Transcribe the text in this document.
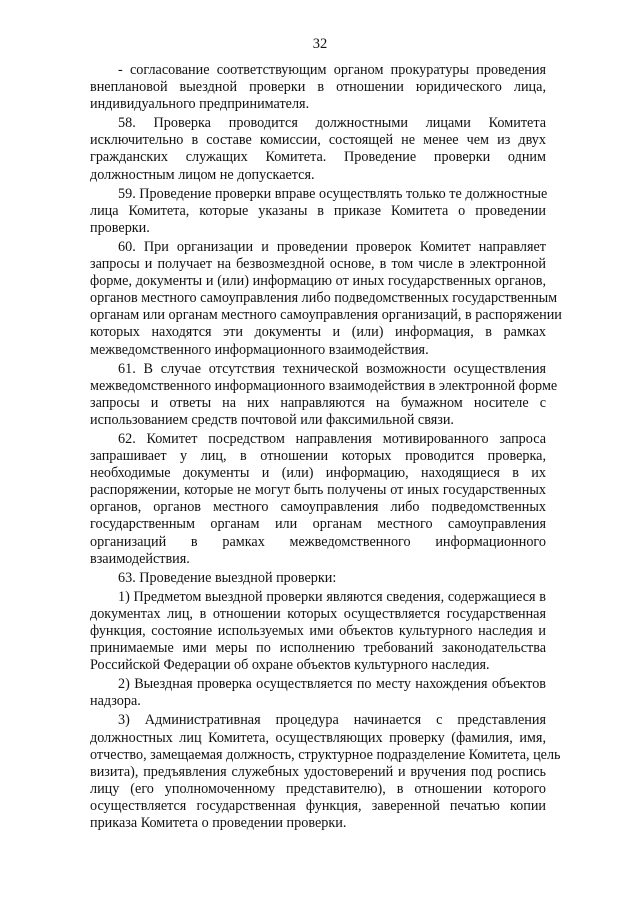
32
- согласование соответствующим органом прокуратуры проведения
внеплановой выездной проверки в отношении юридического лица,
индивидуального предпринимателя.
58. Проверка проводится должностными лицами Комитета
исключительно в составе комиссии, состоящей не менее чем из двух
гражданских служащих Комитета. Проведение проверки одним
должностным лицом не допускается.
59. Проведение проверки вправе осуществлять только те должностные
лица Комитета, которые указаны в приказе Комитета о проведении
проверки.
60. При организации и проведении проверок Комитет направляет
запросы и получает на безвозмездной основе, в том числе в электронной
форме, документы и (или) информацию от иных государственных органов,
органов местного самоуправления либо подведомственных государственным
органам или органам местного самоуправления организаций, в распоряжении
которых находятся эти документы и (или) информация, в рамках
межведомственного информационного взаимодействия.
61. В случае отсутствия технической возможности осуществления
межведомственного информационного взаимодействия в электронной форме
запросы и ответы на них направляются на бумажном носителе с
использованием средств почтовой или факсимильной связи.
62. Комитет посредством направления мотивированного запроса
запрашивает у лиц, в отношении которых проводится проверка,
необходимые документы и (или) информацию, находящиеся в их
распоряжении, которые не могут быть получены от иных государственных
органов, органов местного самоуправления либо подведомственных
государственным органам или органам местного самоуправления
организаций в рамках межведомственного информационного
взаимодействия.
63. Проведение выездной проверки:
1) Предметом выездной проверки являются сведения, содержащиеся в
документах лиц, в отношении которых осуществляется государственная
функция, состояние используемых ими объектов культурного наследия и
принимаемые ими меры по исполнению требований законодательства
Российской Федерации об охране объектов культурного наследия.
2) Выездная проверка осуществляется по месту нахождения объектов
надзора.
3) Административная процедура начинается с представления
должностных лиц Комитета, осуществляющих проверку (фамилия, имя,
отчество, замещаемая должность, структурное подразделение Комитета, цель
визита), предъявления служебных удостоверений и вручения под роспись
лицу (его уполномоченному представителю), в отношении которого
осуществляется государственная функция, заверенной печатью копии
приказа Комитета о проведении проверки.
